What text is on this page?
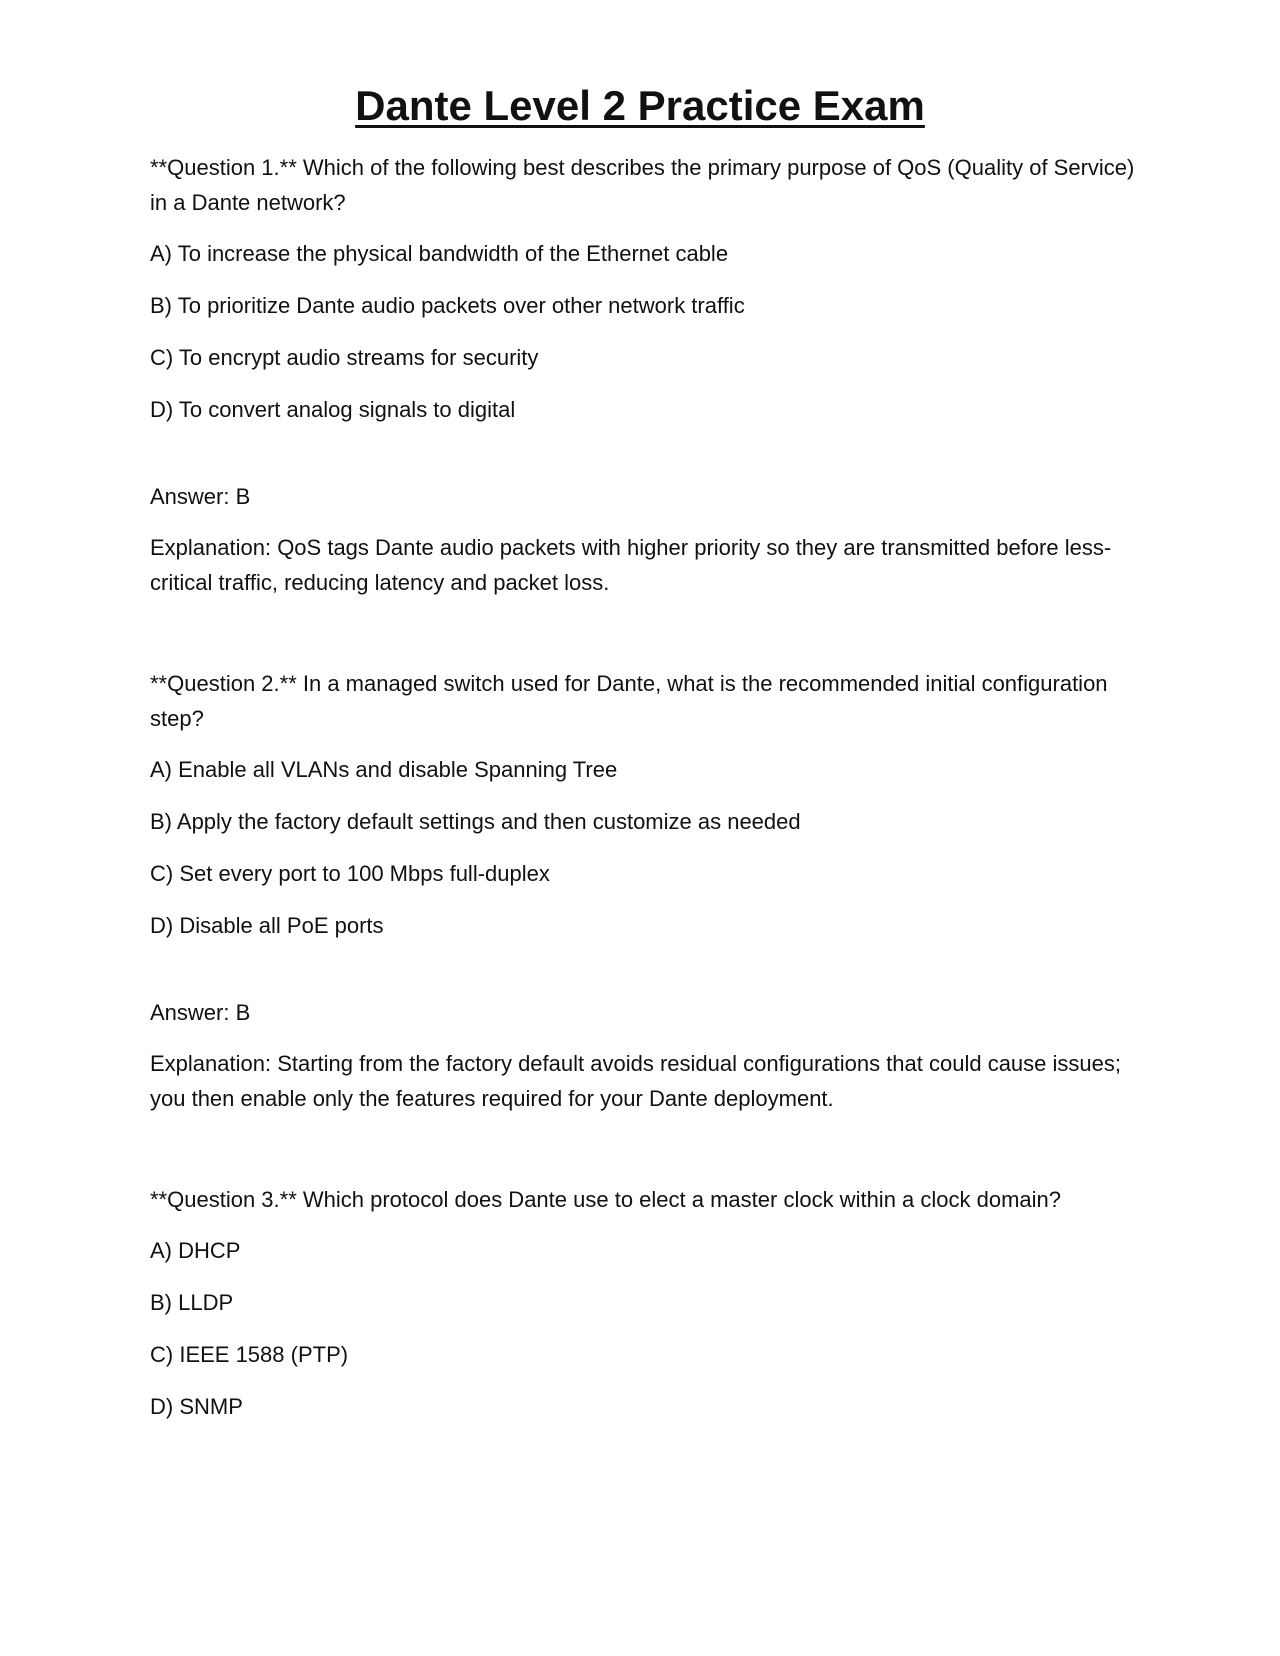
Dante Level 2 Practice Exam

**Question 1.** Which of the following best describes the primary purpose of QoS (Quality of Service) in a Dante network?

A) To increase the physical bandwidth of the Ethernet cable

B) To prioritize Dante audio packets over other network traffic

C) To encrypt audio streams for security

D) To convert analog signals to digital

Answer: B

Explanation: QoS tags Dante audio packets with higher priority so they are transmitted before less-critical traffic, reducing latency and packet loss.

**Question 2.** In a managed switch used for Dante, what is the recommended initial configuration step?

A) Enable all VLANs and disable Spanning Tree

B) Apply the factory default settings and then customize as needed

C) Set every port to 100 Mbps full-duplex

D) Disable all PoE ports

Answer: B

Explanation: Starting from the factory default avoids residual configurations that could cause issues; you then enable only the features required for your Dante deployment.

**Question 3.** Which protocol does Dante use to elect a master clock within a clock domain?

A) DHCP

B) LLDP

C) IEEE 1588 (PTP)

D) SNMP
